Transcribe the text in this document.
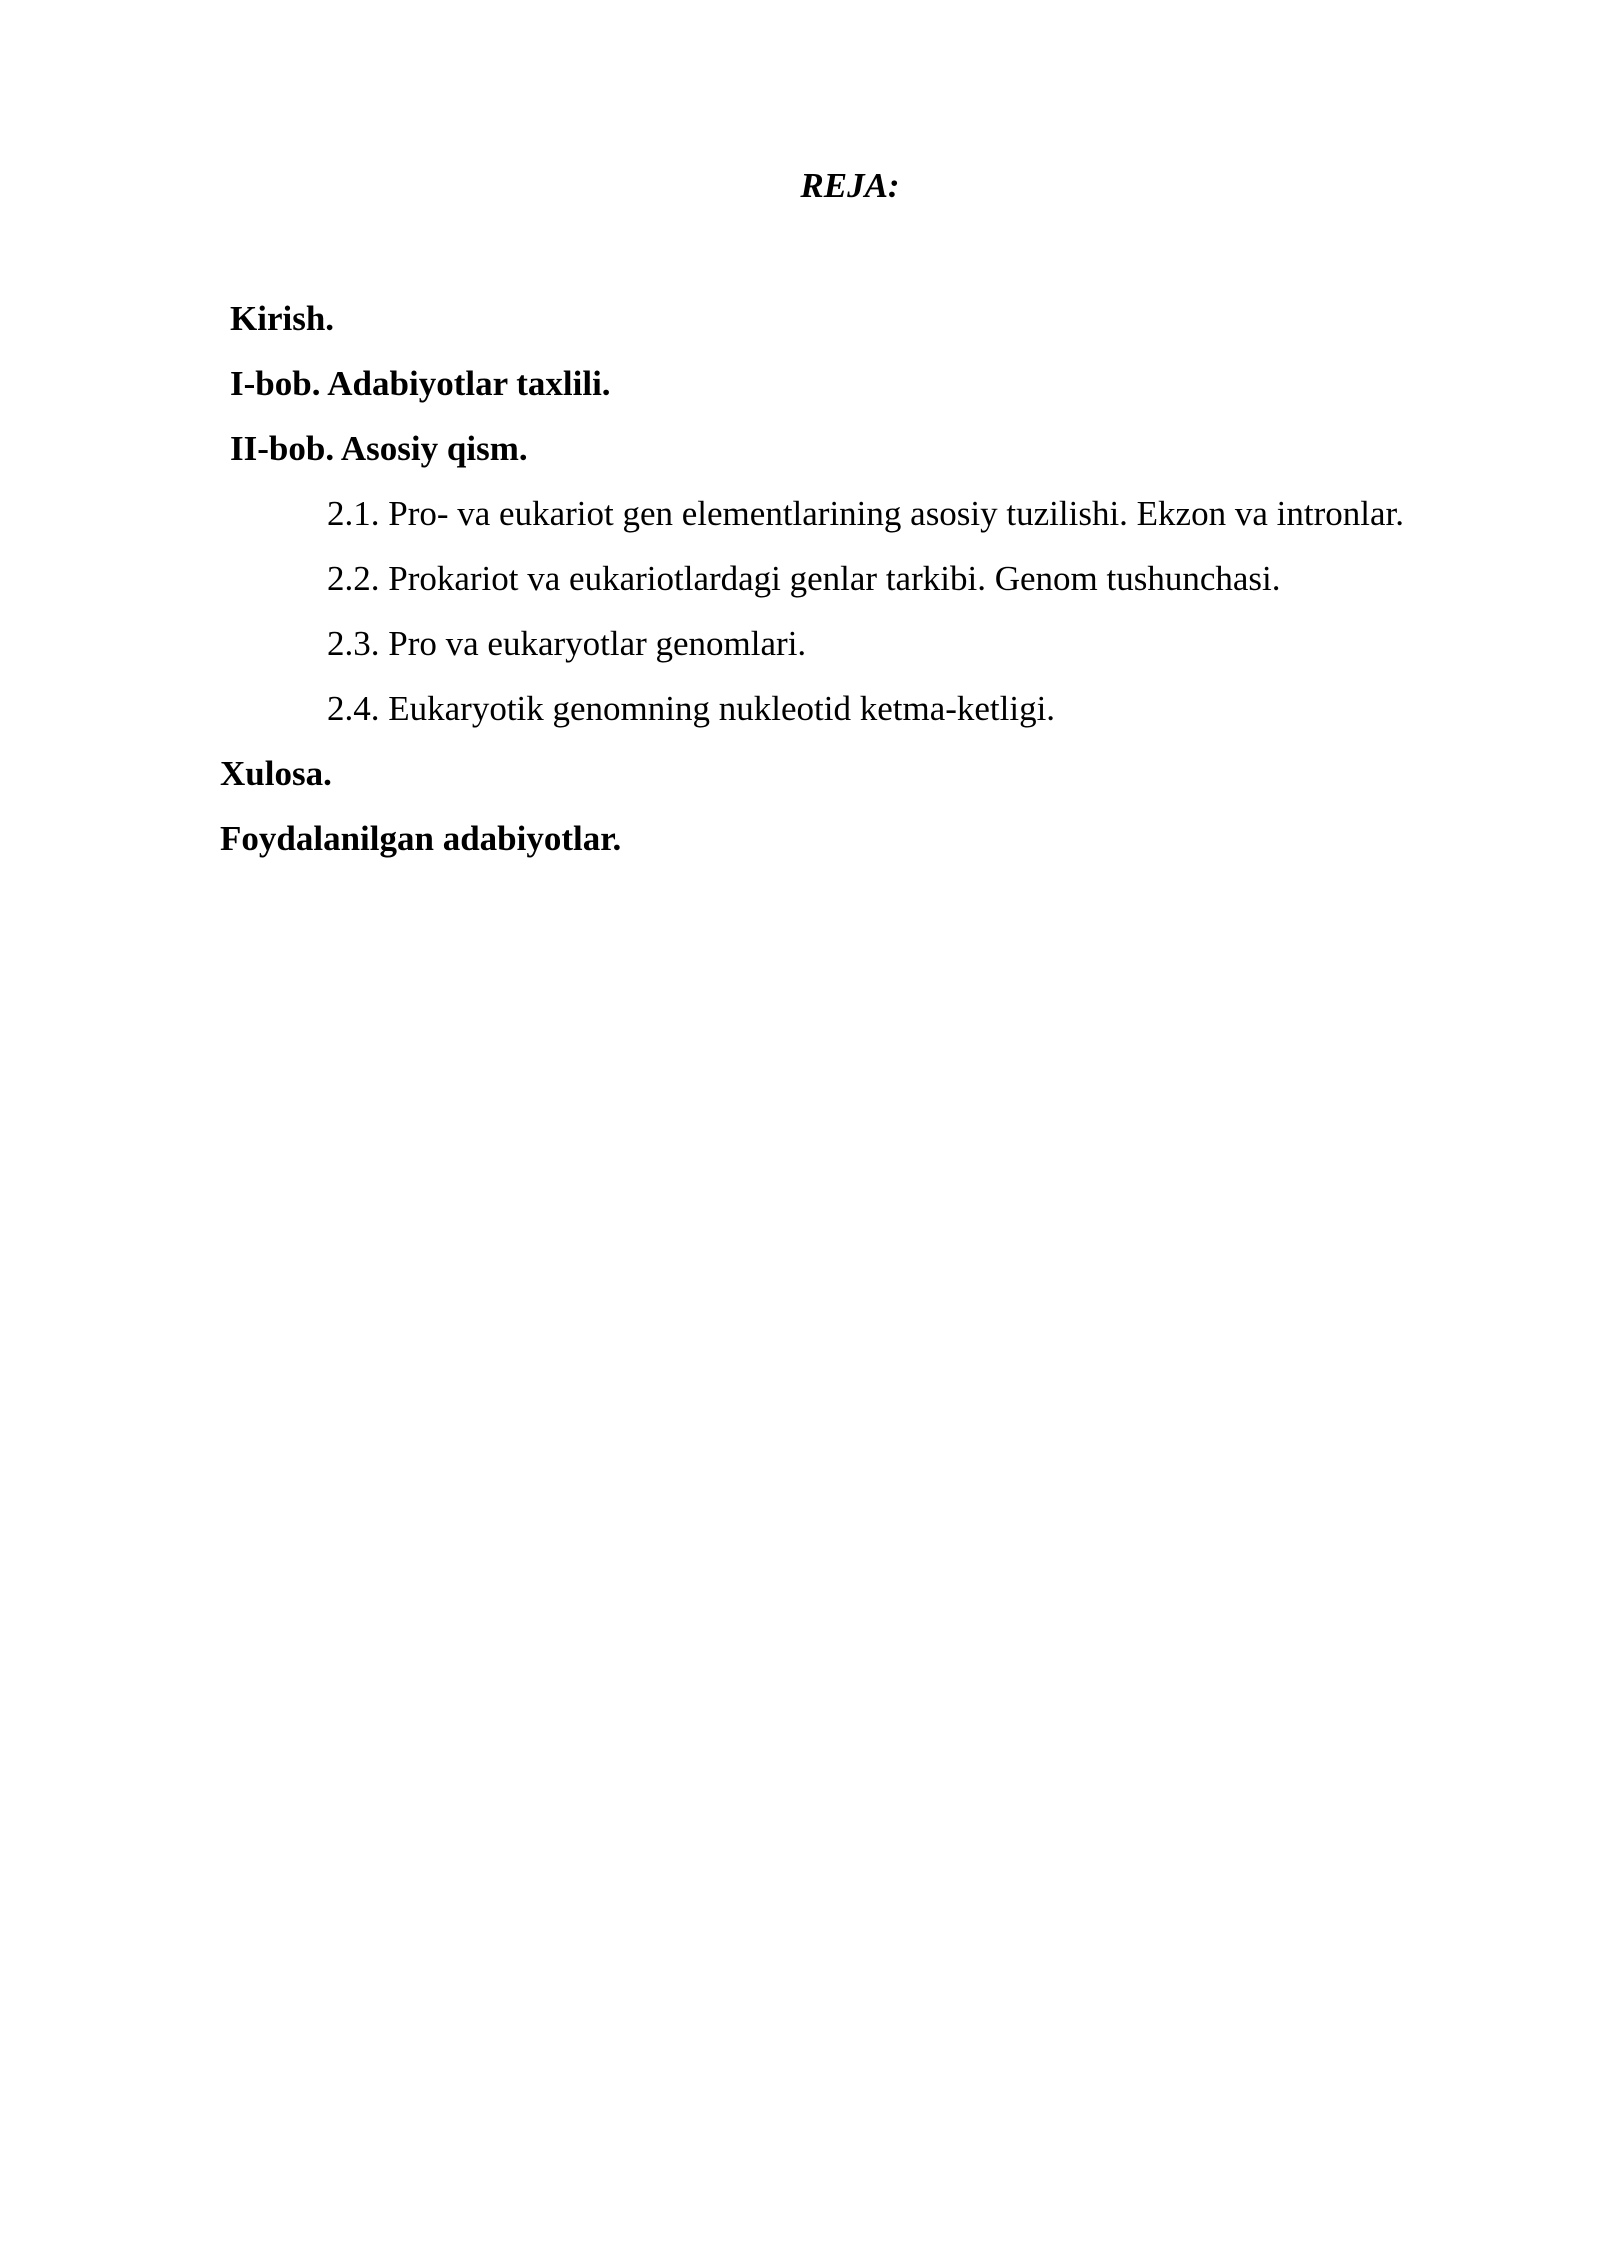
REJA:
Kirish.
I-bob. Adabiyotlar taxlili.
II-bob. Asosiy qism.
2.1. Pro- va eukariot gen elementlarining asosiy tuzilishi. Ekzon va intronlar.
2.2. Prokariot va eukariotlardagi genlar tarkibi. Genom tushunchasi.
2.3. Pro va eukaryotlar genomlari.
2.4. Eukaryotik genomning nukleotid ketma-ketligi.
Xulosa.
Foydalanilgan adabiyotlar.
